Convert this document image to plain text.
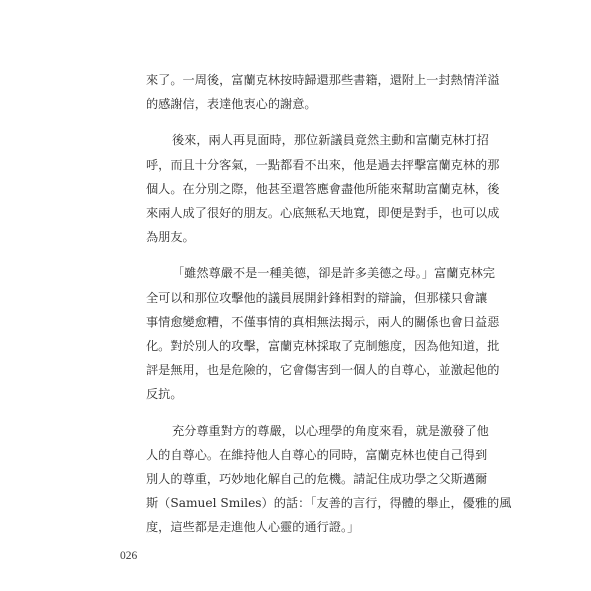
來了。一周後，富蘭克林按時歸還那些書籍，還附上一封熱情洋溢
的感謝信，表達他衷心的謝意。

後來，兩人再見面時，那位新議員竟然主動和富蘭克林打招
呼，而且十分客氣，一點都看不出來，他是過去抨擊富蘭克林的那
個人。在分別之際，他甚至還答應會盡他所能來幫助富蘭克林，後
來兩人成了很好的朋友。心底無私天地寬，即便是對手，也可以成
為朋友。

「雖然尊嚴不是一種美德，卻是許多美德之母。」富蘭克林完
全可以和那位攻擊他的議員展開針鋒相對的辯論，但那樣只會讓
事情愈變愈糟，不僅事情的真相無法揭示，兩人的關係也會日益惡
化。對於別人的攻擊，富蘭克林採取了克制態度，因為他知道，批
評是無用，也是危險的，它會傷害到一個人的自尊心，並激起他的
反抗。

充分尊重對方的尊嚴，以心理學的角度來看，就是激發了他
人的自尊心。在維持他人自尊心的同時，富蘭克林也使自己得到
別人的尊重，巧妙地化解自己的危機。請記住成功學之父斯邁爾
斯（Samuel Smiles）的話：「友善的言行，得體的舉止，優雅的風
度，這些都是走進他人心靈的通行證。」

026
